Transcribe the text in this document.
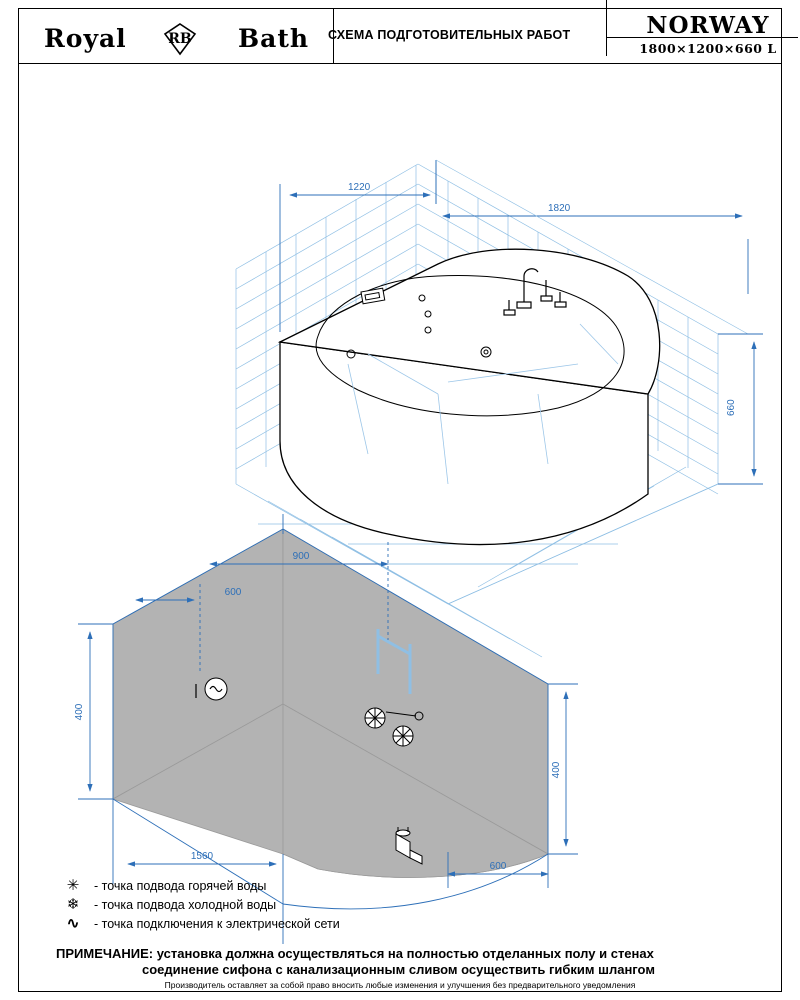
Royal	RB Bath СХЕМА ПОДГОТОВИТЕЛЬНЫХ РАБОТ	NORWAY
1800×1200×660 L
1220
1820
660
600
900
400
400
1560
600
✳	- точка подвода горячей воды
❄	- точка подвода холодной воды
∿	- точка подключения к электрической сети
ПРИМЕЧАНИЕ: установка должна осуществляться на полностью отделанных полу и стенах
соединение сифона с канализационным сливом осуществить гибким шлангом
Производитель оставляет за собой право вносить любые изменения и улучшения без предварительного уведомления
